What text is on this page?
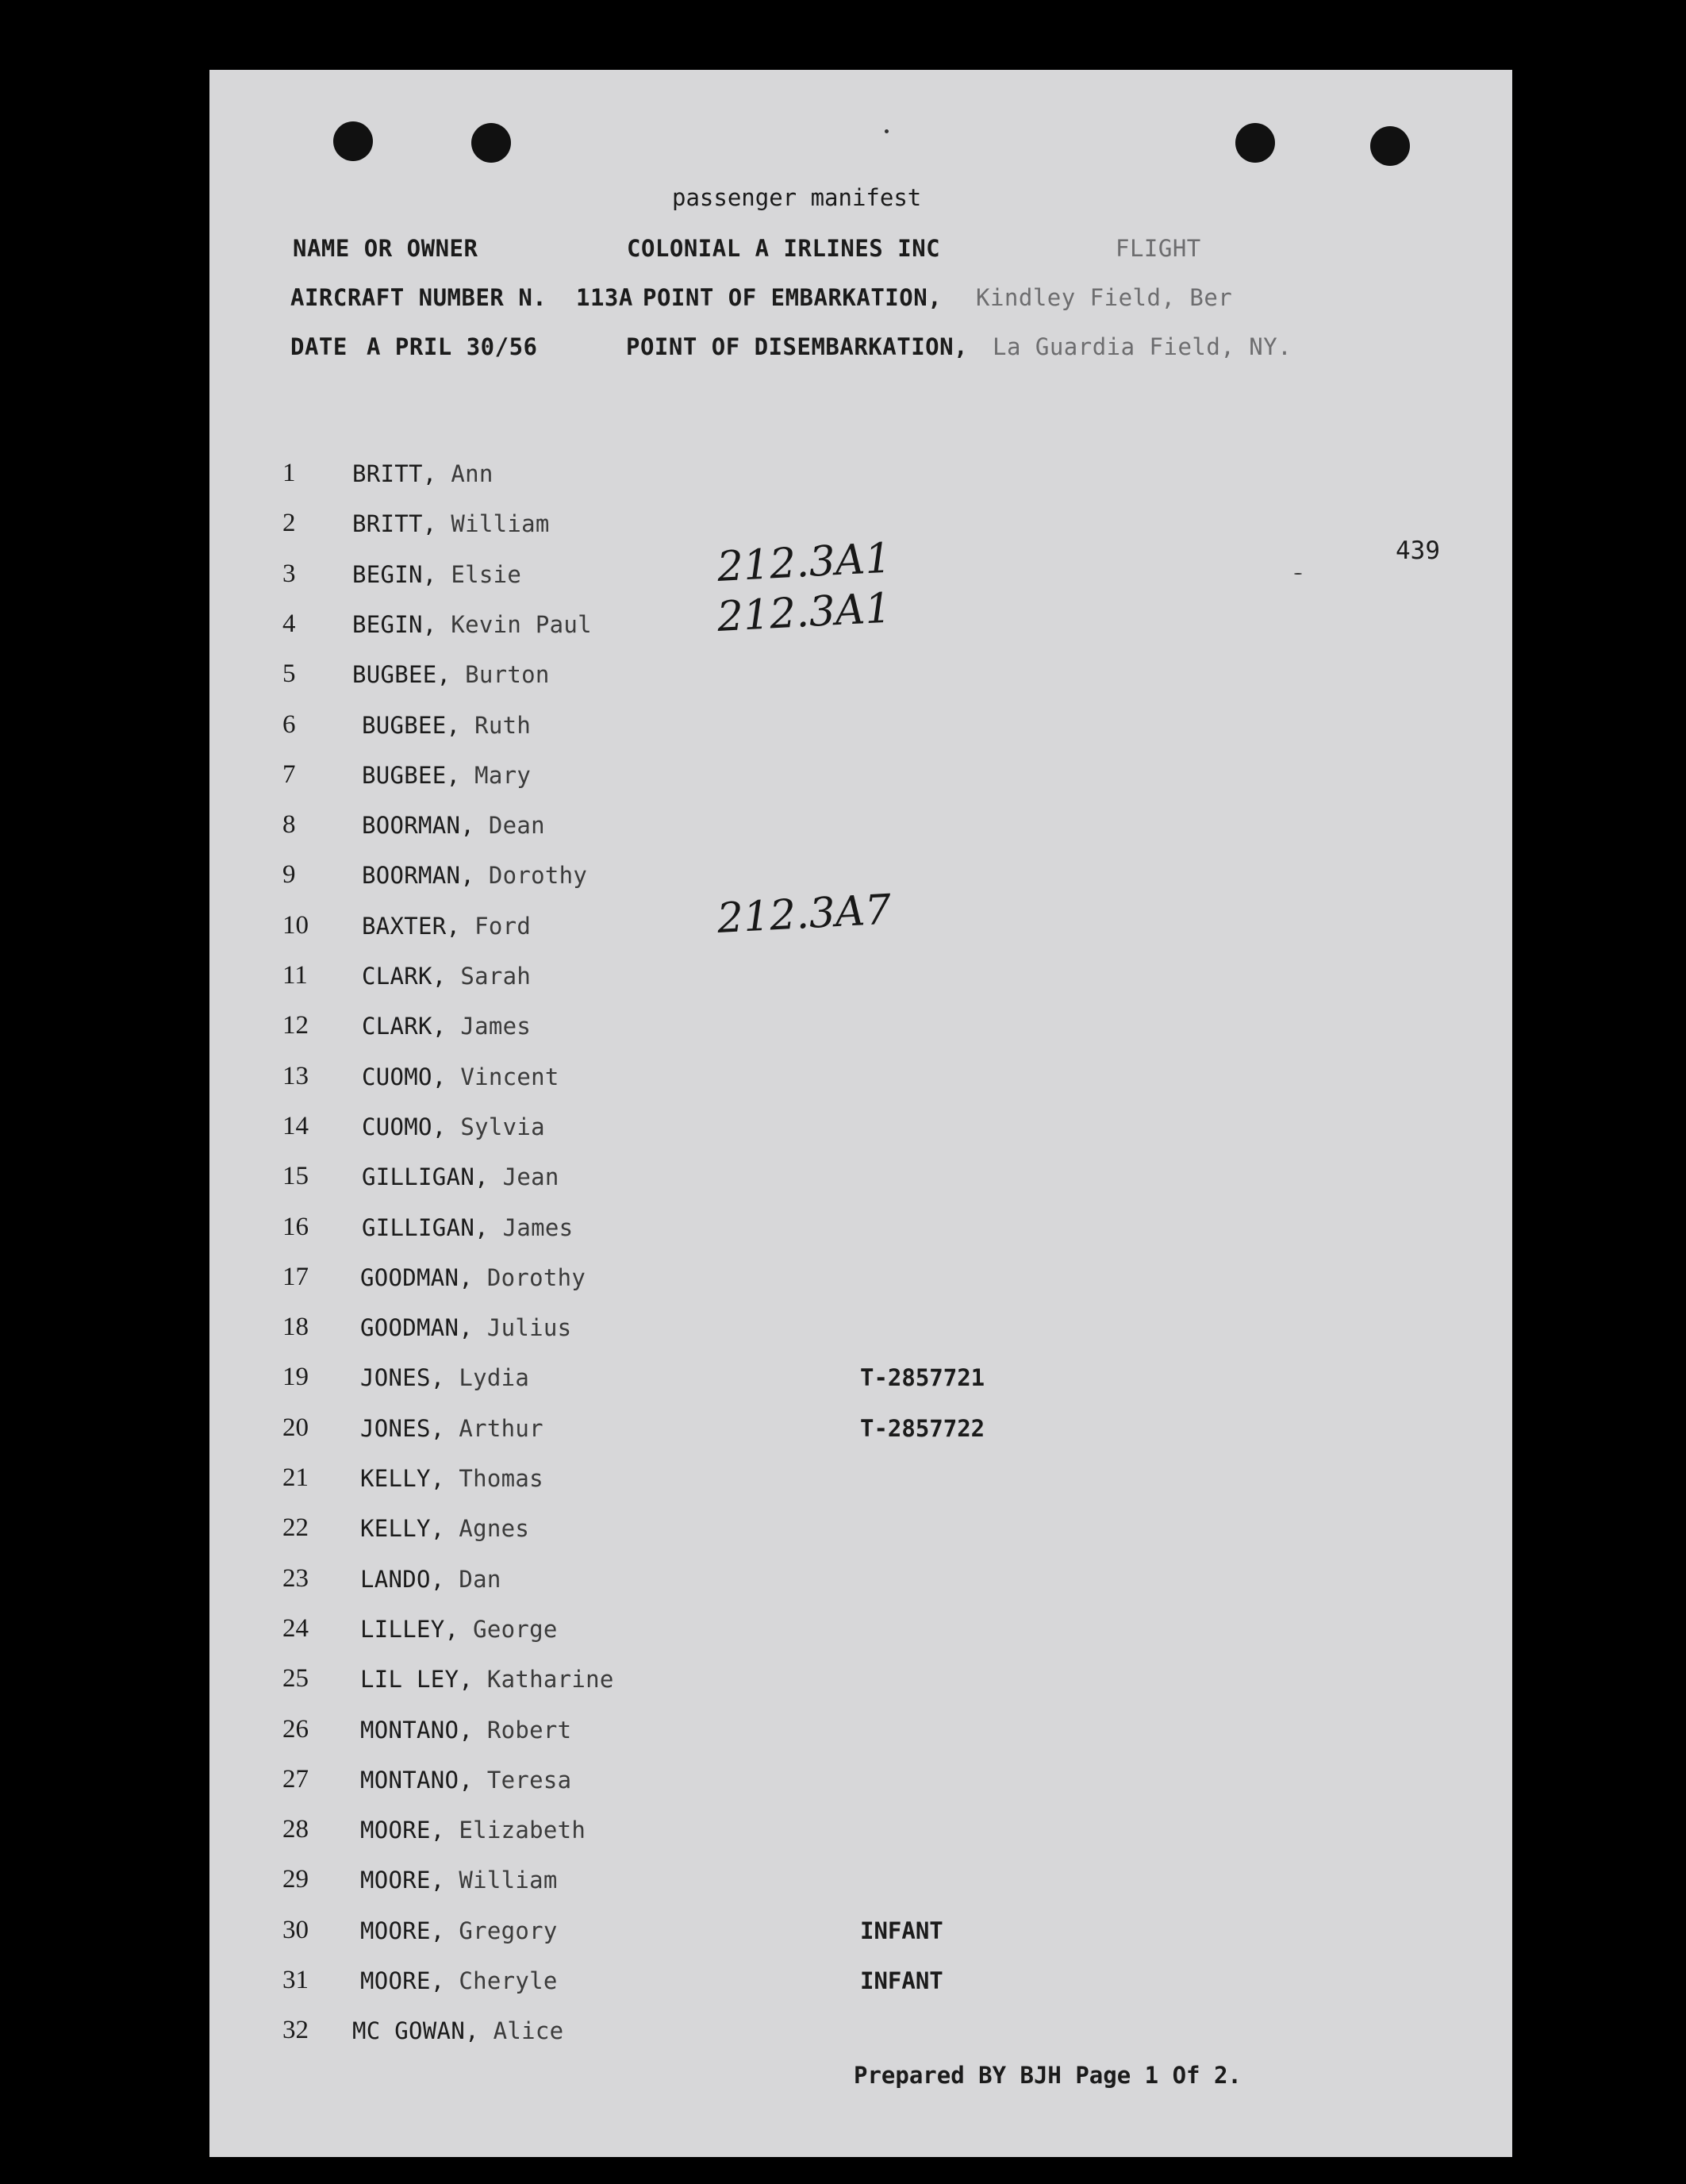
passenger manifest
NAME OR OWNER	COLONIAL A IRLINES INC	FLIGHT
AIRCRAFT NUMBER N. 113A POINT OF EMBARKATION, Kindley Field, Ber
DATE A PRIL 30/56	POINT OF DISEMBARKATION, La Guardia Field, NY.
439
1	BRITT, Ann
2	BRITT, William
3	BEGIN, Elsie	212.3A1
4	BEGIN, Kevin Paul	212.3A1
5	BUGBEE, Burton
6	BUGBEE, Ruth
7	BUGBEE, Mary
8	BOORMAN, Dean
9	BOORMAN, Dorothy
10	BAXTER, Ford	212.3A7
11	CLARK, Sarah
12	CLARK, James
13	CUOMO, Vincent
14	CUOMO, Sylvia
15	GILLIGAN, Jean
16	GILLIGAN, James
17	GOODMAN, Dorothy
18	GOODMAN, Julius
19	JONES, Lydia	T-2857721
20	JONES, Arthur	T-2857722
21	KELLY, Thomas
22	KELLY, Agnes
23	LANDO, Dan
24	LILLEY, George
25	LIL LEY, Katharine
26	MONTANO, Robert
27	MONTANO, Teresa
28	MOORE, Elizabeth
29	MOORE, William
30	MOORE, Gregory	INFANT
31	MOORE, Cheryle	INFANT
32	MC GOWAN, Alice
Prepared BY BJH Page 1 Of 2.
